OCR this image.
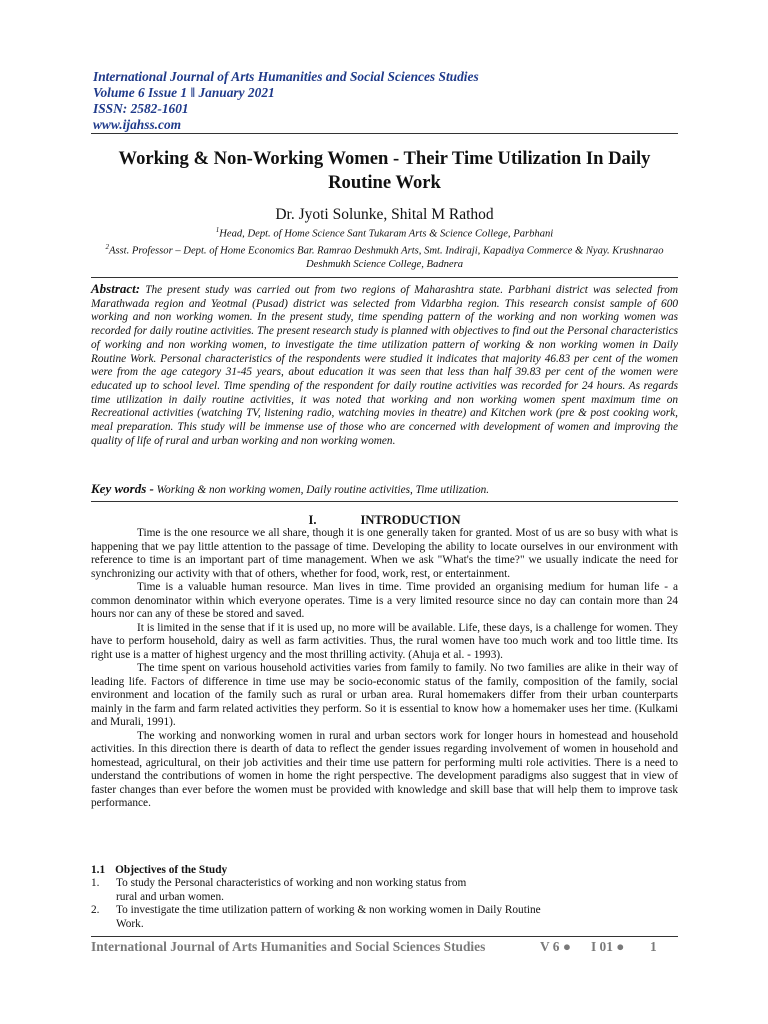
International Journal of Arts Humanities and Social Sciences Studies
Volume 6 Issue 1 ǁ January 2021
ISSN: 2582-1601
www.ijahss.com
Working & Non-Working Women - Their Time Utilization In Daily Routine Work
Dr. Jyoti Solunke, Shital M Rathod
$^1$Head, Dept. of Home Science Sant Tukaram Arts & Science College, Parbhani
$^2$Asst. Professor – Dept. of Home Economics Bar. Ramrao Deshmukh Arts, Smt. Indiraji, Kapadiya Commerce & Nyay. Krushnarao Deshmukh Science College, Badnera
Abstract: The present study was carried out from two regions of Maharashtra state. Parbhani district was selected from Marathwada region and Yeotmal (Pusad) district was selected from Vidarbha region. This research consist sample of 600 working and non working women. In the present study, time spending pattern of the working and non working women was recorded for daily routine activities. The present research study is planned with objectives to find out the Personal characteristics of working and non working women, to investigate the time utilization pattern of working & non working women in Daily Routine Work. Personal characteristics of the respondents were studied it indicates that majority 46.83 per cent of the women were from the age category 31-45 years, about education it was seen that less than half 39.83 per cent of the women were educated up to school level. Time spending of the respondent for daily routine activities was recorded for 24 hours. As regards time utilization in daily routine activities, it was noted that working and non working women spent maximum time on Recreational activities (watching TV, listening radio, watching movies in theatre) and Kitchen work (pre & post cooking work, meal preparation. This study will be immense use of those who are concerned with development of women and improving the quality of life of rural and urban working and non working women.
Key words - Working & non working women, Daily routine activities, Time utilization.
I.	INTRODUCTION

Time is the one resource we all share, though it is one generally taken for granted. Most of us are so busy with what is happening that we pay little attention to the passage of time. Developing the ability to locate ourselves in our environment with reference to time is an important part of time management. When we ask "What's the time?" we usually indicate the need for synchronizing our activity with that of others, whether for food, work, rest, or entertainment.

Time is a valuable human resource. Man lives in time. Time provided an organising medium for human life - a common denominator within which everyone operates. Time is a very limited resource since no day can contain more than 24 hours nor can any of these be stored and saved.

It is limited in the sense that if it is used up, no more will be available. Life, these days, is a challenge for women. They have to perform household, dairy as well as farm activities. Thus, the rural women have too much work and too little time. Its right use is a matter of highest urgency and the most thrilling activity. (Ahuja et al. - 1993).

The time spent on various household activities varies from family to family. No two families are alike in their way of leading life. Factors of difference in time use may be socio-economic status of the family, composition of the family, social environment and location of the family such as rural or urban area. Rural homemakers differ from their urban counterparts mainly in the farm and farm related activities they perform. So it is essential to know how a homemaker uses her time. (Kulkami and Murali, 1991).

The working and nonworking women in rural and urban sectors work for longer hours in homestead and household activities. In this direction there is dearth of data to reflect the gender issues regarding involvement of women in household and homestead, agricultural, on their job activities and their time use pattern for performing multi role activities. There is a need to understand the contributions of women in home the right perspective. The development paradigms also suggest that in view of faster changes than ever before the women must be provided with knowledge and skill base that will help them to improve task performance.

1.1 Objectives of the Study
1. To study the Personal characteristics of working and non working status from
rural and urban women.
2. To investigate the time utilization pattern of working & non working women in Daily Routine
Work.
International Journal of Arts Humanities and Social Sciences Studies	V 6 ● I 01 ● 1
